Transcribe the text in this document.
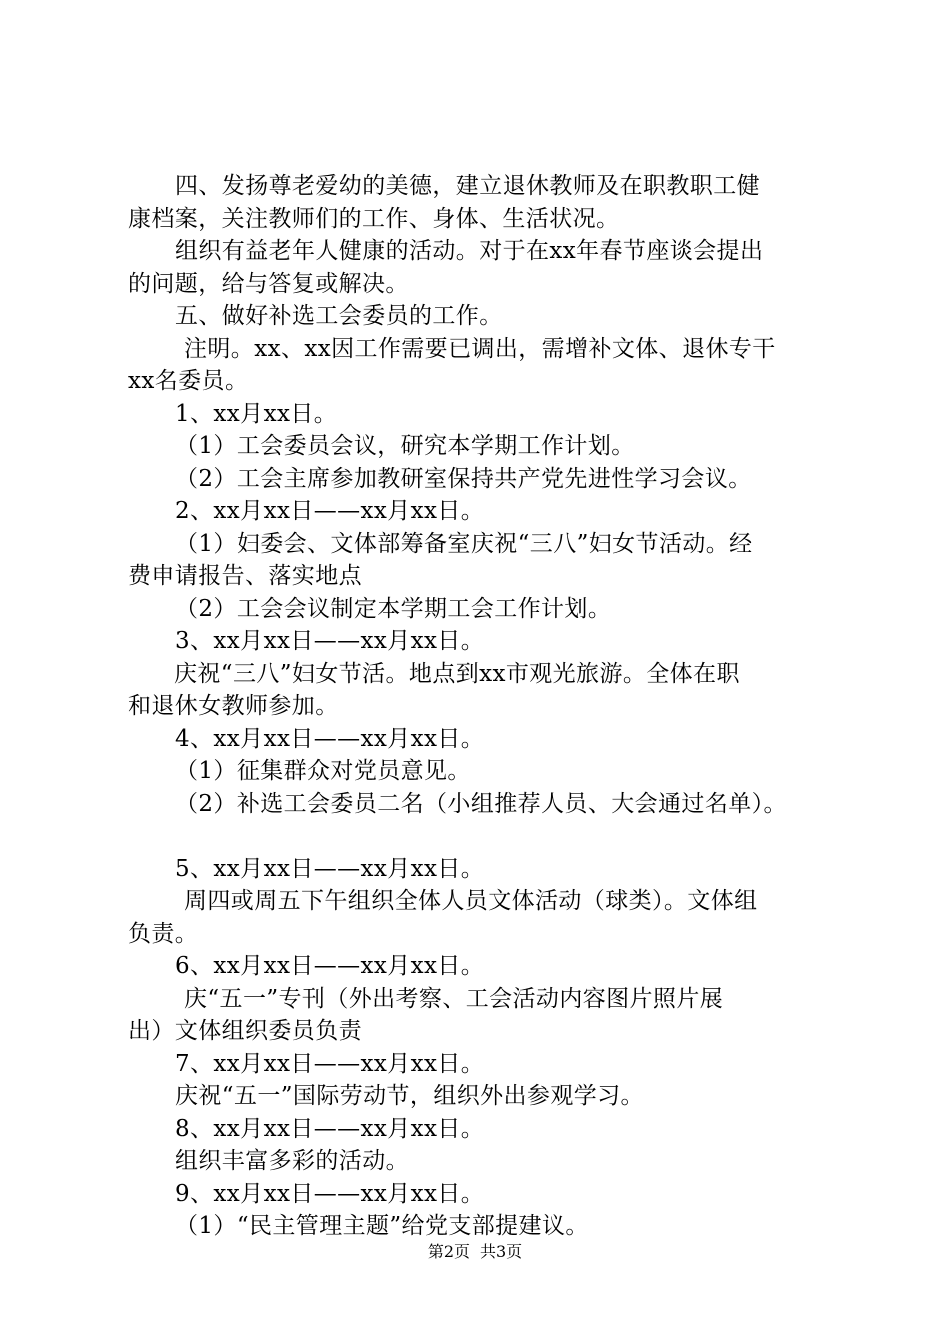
四、发扬尊老爱幼的美德，建立退休教师及在职教职工健
康档案，关注教师们的工作、身体、生活状况。
组织有益老年人健康的活动。对于在xx年春节座谈会提出
的问题，给与答复或解决。
五、做好补选工会委员的工作。
注明。xx、xx因工作需要已调出，需增补文体、退休专干
xx名委员。
1、xx月xx日。
（1）工会委员会议，研究本学期工作计划。
（2）工会主席参加教研室保持共产党先进性学习会议。
2、xx月xx日——xx月xx日。
（1）妇委会、文体部筹备室庆祝“三八”妇女节活动。经
费申请报告、落实地点
（2）工会会议制定本学期工会工作计划。
3、xx月xx日——xx月xx日。
庆祝“三八”妇女节活。地点到xx市观光旅游。全体在职
和退休女教师参加。
4、xx月xx日——xx月xx日。
（1）征集群众对党员意见。
（2）补选工会委员二名（小组推荐人员、大会通过名单）。
5、xx月xx日——xx月xx日。
周四或周五下午组织全体人员文体活动（球类）。文体组
负责。
6、xx月xx日——xx月xx日。
庆“五一”专刊（外出考察、工会活动内容图片照片展
出）文体组织委员负责
7、xx月xx日——xx月xx日。
庆祝“五一”国际劳动节，组织外出参观学习。
8、xx月xx日——xx月xx日。
组织丰富多彩的活动。
9、xx月xx日——xx月xx日。
（1）“民主管理主题”给党支部提建议。
第2页 共3页
